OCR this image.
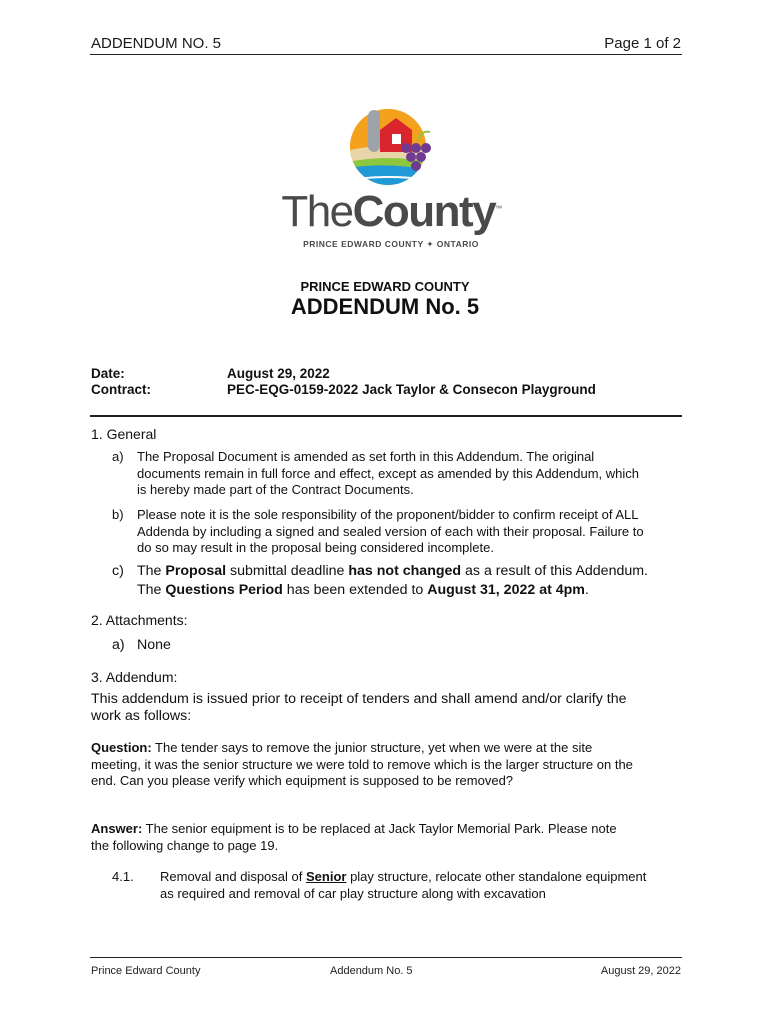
ADDENDUM NO. 5	Page 1 of 2
TheCounty™
PRINCE EDWARD COUNTY ✦ ONTARIO
PRINCE EDWARD COUNTY
ADDENDUM No. 5
Date:	August 29, 2022
Contract:	PEC-EQG-0159-2022 Jack Taylor & Consecon Playground
1. General
a) The Proposal Document is amended as set forth in this Addendum. The original
documents remain in full force and effect, except as amended by this Addendum, which
is hereby made part of the Contract Documents.
b) Please note it is the sole responsibility of the proponent/bidder to confirm receipt of ALL
Addenda by including a signed and sealed version of each with their proposal. Failure to
do so may result in the proposal being considered incomplete.
c) The Proposal submittal deadline has not changed as a result of this Addendum.
The Questions Period has been extended to August 31, 2022 at 4pm.
2. Attachments:
a) None
3. Addendum:
This addendum is issued prior to receipt of tenders and shall amend and/or clarify the
work as follows:
Question: The tender says to remove the junior structure, yet when we were at the site
meeting, it was the senior structure we were told to remove which is the larger structure on the
end. Can you please verify which equipment is supposed to be removed?
Answer: The senior equipment is to be replaced at Jack Taylor Memorial Park. Please note
the following change to page 19.
4.1. Removal and disposal of Senior play structure, relocate other standalone equipment
as required and removal of car play structure along with excavation
Prince Edward County	Addendum No. 5	August 29, 2022
